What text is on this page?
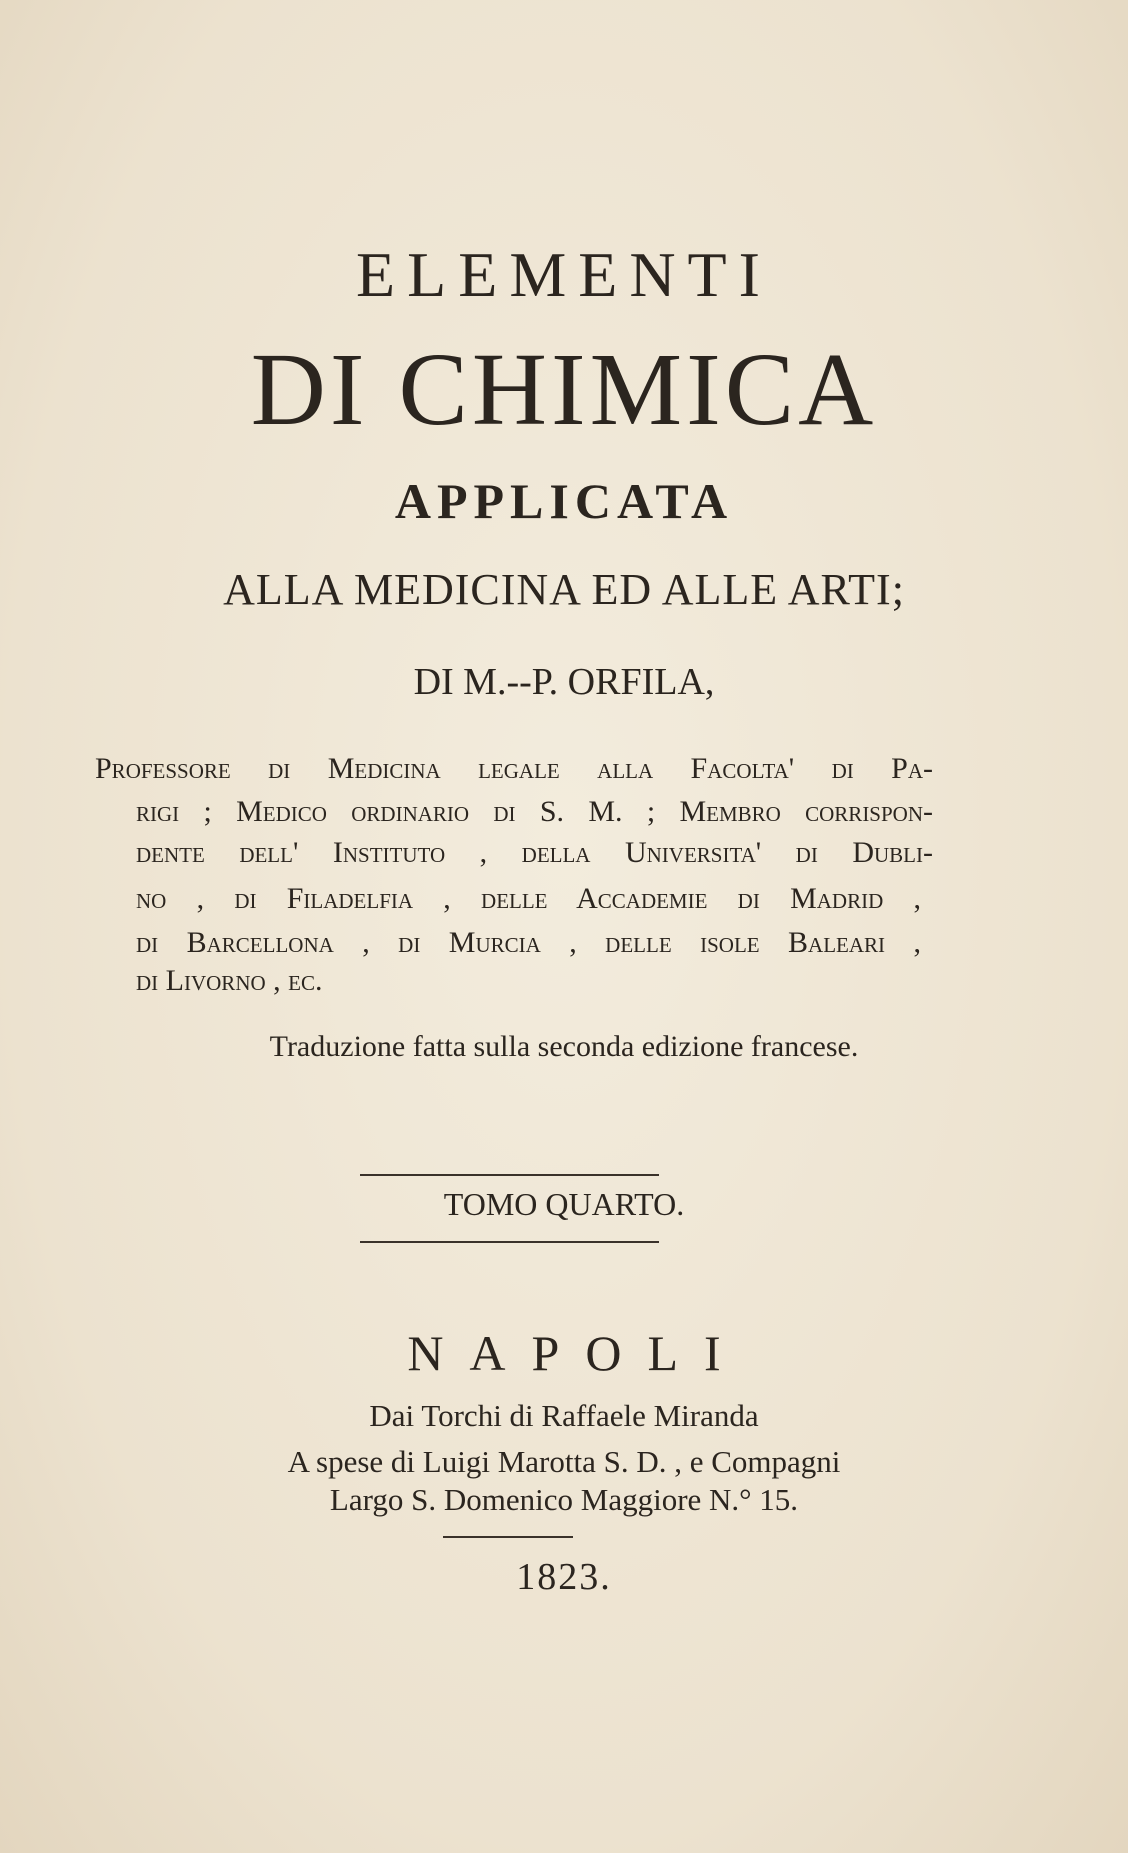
ELEMENTI
DI CHIMICA
APPLICATA
ALLA MEDICINA ED ALLE ARTI;
DI M.--P. ORFILA,
Professore di Medicina legale alla Facolta' di Pa-
rigi ; Medico ordinario di S. M. ; Membro corrispon-
dente dell' Instituto , della Universita' di Dubli-
no , di Filadelfia , delle Accademie di Madrid ,
di Barcellona , di Murcia , delle isole Baleari ,
di Livorno , ec.
Traduzione fatta sulla seconda edizione francese.
TOMO QUARTO.
NAPOLI
Dai Torchi di Raffaele Miranda
A spese di Luigi Marotta S. D. , e Compagni
Largo S. Domenico Maggiore N.° 15.
1823.
